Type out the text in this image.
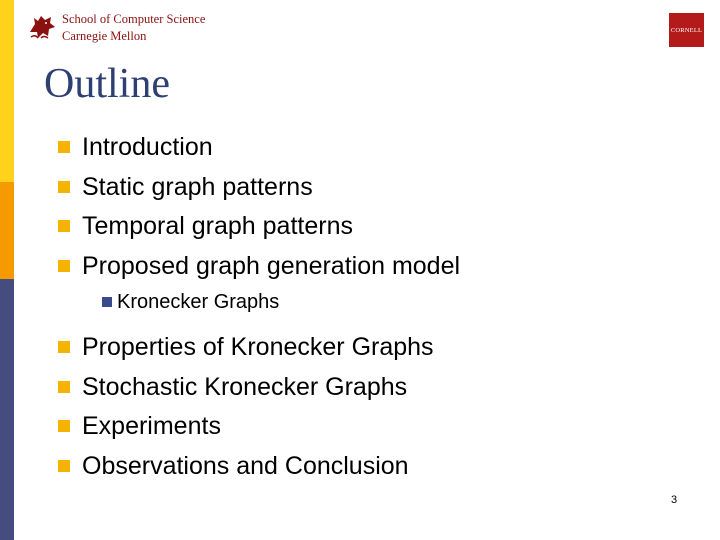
School of Computer Science
Carnegie Mellon	CORNELL
Outline
Introduction
Static graph patterns
Temporal graph patterns
Proposed graph generation model
Kronecker Graphs
Properties of Kronecker Graphs
Stochastic Kronecker Graphs
Experiments
Observations and Conclusion
3
